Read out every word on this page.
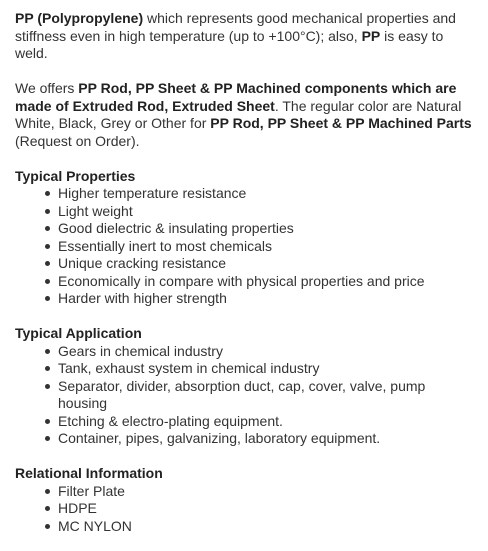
PP (Polypropylene) which represents good mechanical properties and stiffness even in high temperature (up to +100°C); also, PP is easy to weld.

We offers PP Rod, PP Sheet & PP Machined components which are made of Extruded Rod, Extruded Sheet. The regular color are Natural White, Black, Grey or Other for PP Rod, PP Sheet & PP Machined Parts (Request on Order).

Typical Properties
Higher temperature resistance
Light weight
Good dielectric & insulating properties
Essentially inert to most chemicals
Unique cracking resistance
Economically in compare with physical properties and price
Harder with higher strength
Typical Application
Gears in chemical industry
Tank, exhaust system in chemical industry
Separator, divider, absorption duct, cap, cover, valve, pump housing
Etching & electro-plating equipment.
Container, pipes, galvanizing, laboratory equipment.
Relational Information
Filter Plate
HDPE
MC NYLON
